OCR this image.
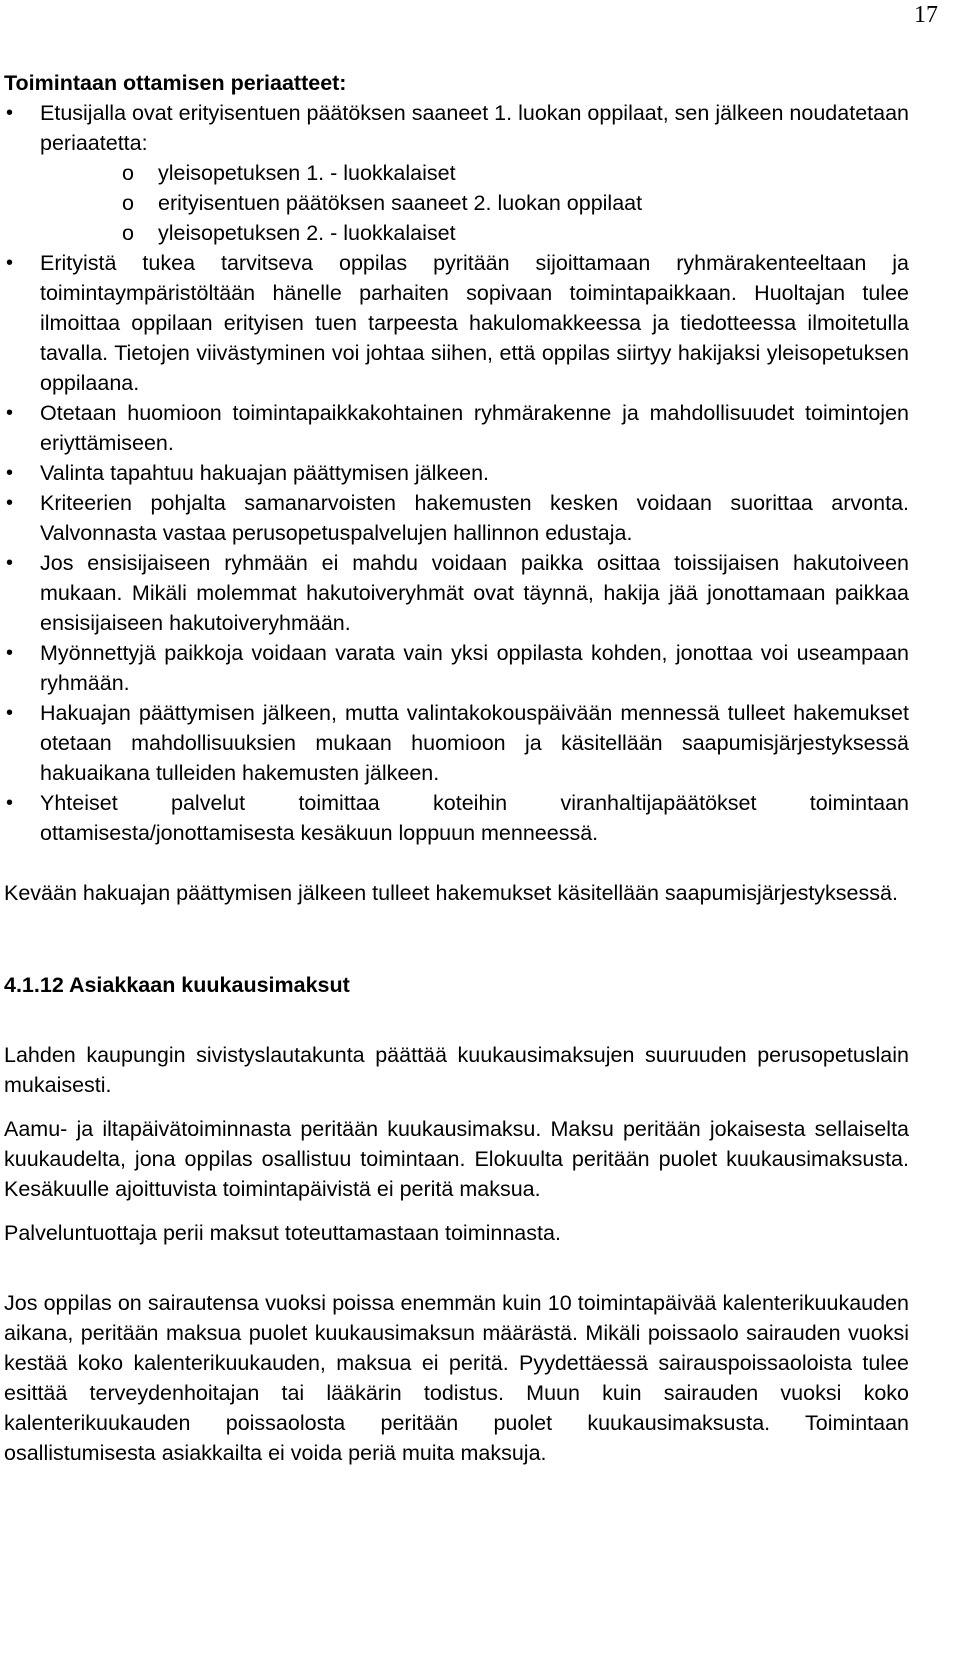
17
Toimintaan ottamisen periaatteet:
• Etusijalla ovat erityisentuen päätöksen saaneet 1. luokan oppilaat, sen jälkeen noudatetaan periaatetta:
o yleisopetuksen 1. - luokkalaiset
o erityisentuen päätöksen saaneet 2. luokan oppilaat
o yleisopetuksen 2. - luokkalaiset
• Erityistä tukea tarvitseva oppilas pyritään sijoittamaan ryhmärakenteeltaan ja toimintaympäristöltään hänelle parhaiten sopivaan toimintapaikkaan. Huoltajan tulee ilmoittaa oppilaan erityisen tuen tarpeesta hakulomakkeessa ja tiedotteessa ilmoitetulla tavalla. Tietojen viivästyminen voi johtaa siihen, että oppilas siirtyy hakijaksi yleisopetuksen oppilaana.
• Otetaan huomioon toimintapaikkakohtainen ryhmärakenne ja mahdollisuudet toimintojen eriyttämiseen.
• Valinta tapahtuu hakuajan päättymisen jälkeen.
• Kriteerien pohjalta samanarvoisten hakemusten kesken voidaan suorittaa arvonta. Valvonnasta vastaa perusopetuspalvelujen hallinnon edustaja.
• Jos ensisijaiseen ryhmään ei mahdu voidaan paikka osittaa toissijaisen hakutoiveen mukaan. Mikäli molemmat hakutoiveryhmät ovat täynnä, hakija jää jonottamaan paikkaa ensisijaiseen hakutoiveryhmään.
• Myönnettyjä paikkoja voidaan varata vain yksi oppilasta kohden, jonottaa voi useampaan ryhmään.
• Hakuajan päättymisen jälkeen, mutta valintakokouspäivään mennessä tulleet hakemukset otetaan mahdollisuuksien mukaan huomioon ja käsitellään saapumisjärjestyksessä hakuaikana tulleiden hakemusten jälkeen.
• Yhteiset palvelut toimittaa koteihin viranhaltijapäätökset toimintaan ottamisesta/jonottamisesta kesäkuun loppuun menneessä.

Kevään hakuajan päättymisen jälkeen tulleet hakemukset käsitellään saapumisjärjestyksessä.

4.1.12 Asiakkaan kuukausimaksut

Lahden kaupungin sivistyslautakunta päättää kuukausimaksujen suuruuden perusopetuslain mukaisesti.

Aamu- ja iltapäivätoiminnasta peritään kuukausimaksu. Maksu peritään jokaisesta sellaiselta kuukaudelta, jona oppilas osallistuu toimintaan. Elokuulta peritään puolet kuukausimaksusta. Kesäkuulle ajoittuvista toimintapäivistä ei peritä maksua.

Palveluntuottaja perii maksut toteuttamastaan toiminnasta.

Jos oppilas on sairautensa vuoksi poissa enemmän kuin 10 toimintapäivää kalenterikuukauden aikana, peritään maksua puolet kuukausimaksun määrästä. Mikäli poissaolo sairauden vuoksi kestää koko kalenterikuukauden, maksua ei peritä. Pyydettäessä sairauspoissaoloista tulee esittää terveydenhoitajan tai lääkärin todistus. Muun kuin sairauden vuoksi koko kalenterikuukauden poissaolosta peritään puolet kuukausimaksusta. Toimintaan osallistumisesta asiakkailta ei voida periä muita maksuja.
